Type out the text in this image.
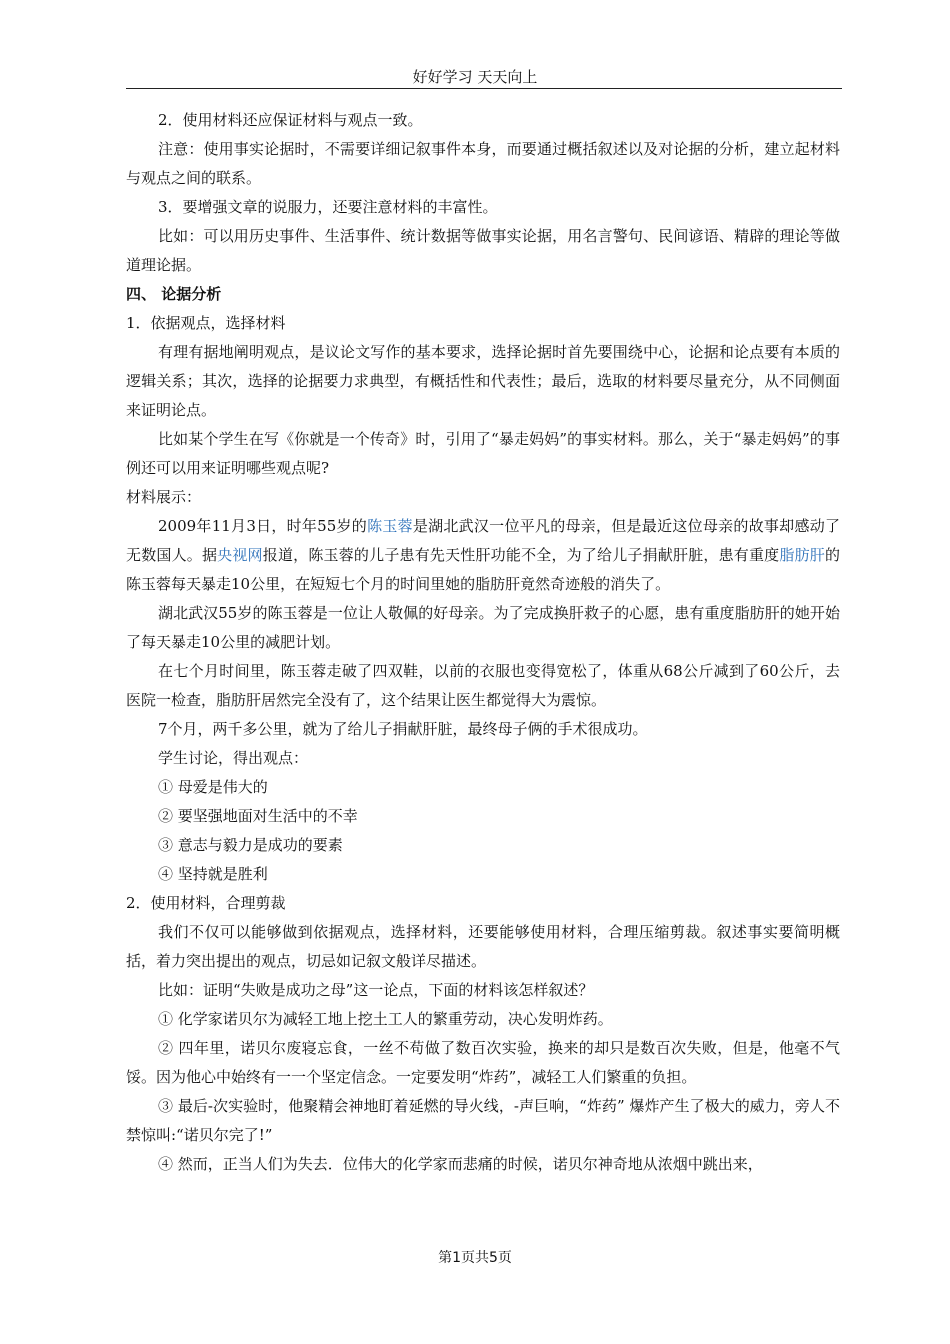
好好学习 天天向上

2．使用材料还应保证材料与观点一致。

注意：使用事实论据时，不需要详细记叙事件本身，而要通过概括叙述以及对论据的分析，建立起材料与观点之间的联系。

3．要增强文章的说服力，还要注意材料的丰富性。

比如：可以用历史事件、生活事件、统计数据等做事实论据，用名言警句、民间谚语、精辟的理论等做道理论据。

四、 论据分析

1．依据观点，选择材料

有理有据地阐明观点，是议论文写作的基本要求，选择论据时首先要围绕中心，论据和论点要有本质的逻辑关系；其次，选择的论据要力求典型，有概括性和代表性；最后，选取的材料要尽量充分，从不同侧面来证明论点。

比如某个学生在写《你就是一个传奇》时，引用了“暴走妈妈”的事实材料。那么，关于“暴走妈妈”的事例还可以用来证明哪些观点呢?

材料展示：

2009年11月3日，时年55岁的陈玉蓉是湖北武汉一位平凡的母亲，但是最近这位母亲的故事却感动了无数国人。据央视网报道，陈玉蓉的儿子患有先天性肝功能不全，为了给儿子捐献肝脏，患有重度脂肪肝的陈玉蓉每天暴走10公里，在短短七个月的时间里她的脂肪肝竟然奇迹般的消失了。

湖北武汉55岁的陈玉蓉是一位让人敬佩的好母亲。为了完成换肝救子的心愿，患有重度脂肪肝的她开始了每天暴走10公里的减肥计划。

在七个月时间里，陈玉蓉走破了四双鞋，以前的衣服也变得宽松了，体重从68公斤减到了60公斤，去医院一检查，脂肪肝居然完全没有了，这个结果让医生都觉得大为震惊。

7个月，两千多公里，就为了给儿子捐献肝脏，最终母子俩的手术很成功。

学生讨论，得出观点：

① 母爱是伟大的

② 要坚强地面对生活中的不幸

③ 意志与毅力是成功的要素

④ 坚持就是胜利

2．使用材料，合理剪裁

我们不仅可以能够做到依据观点，选择材料，还要能够使用材料，合理压缩剪裁。叙述事实要简明概括，着力突出提出的观点，切忌如记叙文般详尽描述。

比如：证明“失败是成功之母”这一论点，下面的材料该怎样叙述？

① 化学家诺贝尔为减轻工地上挖土工人的繁重劳动，决心发明炸药。

② 四年里，诺贝尔废寝忘食，一丝不苟做了数百次实验，换来的却只是数百次失败，但是，他毫不气馁。因为他心中始终有一一个坚定信念。一定要发明“炸药”，减轻工人们繁重的负担。

③ 最后-次实验时，他聚精会神地盯着延燃的导火线，-声巨响，“炸药” 爆炸产生了极大的威力，旁人不禁惊叫:“诺贝尔完了!”

④ 然而，正当人们为失去．位伟大的化学家而悲痛的时候，诺贝尔神奇地从浓烟中跳出来，

第1页共5页
